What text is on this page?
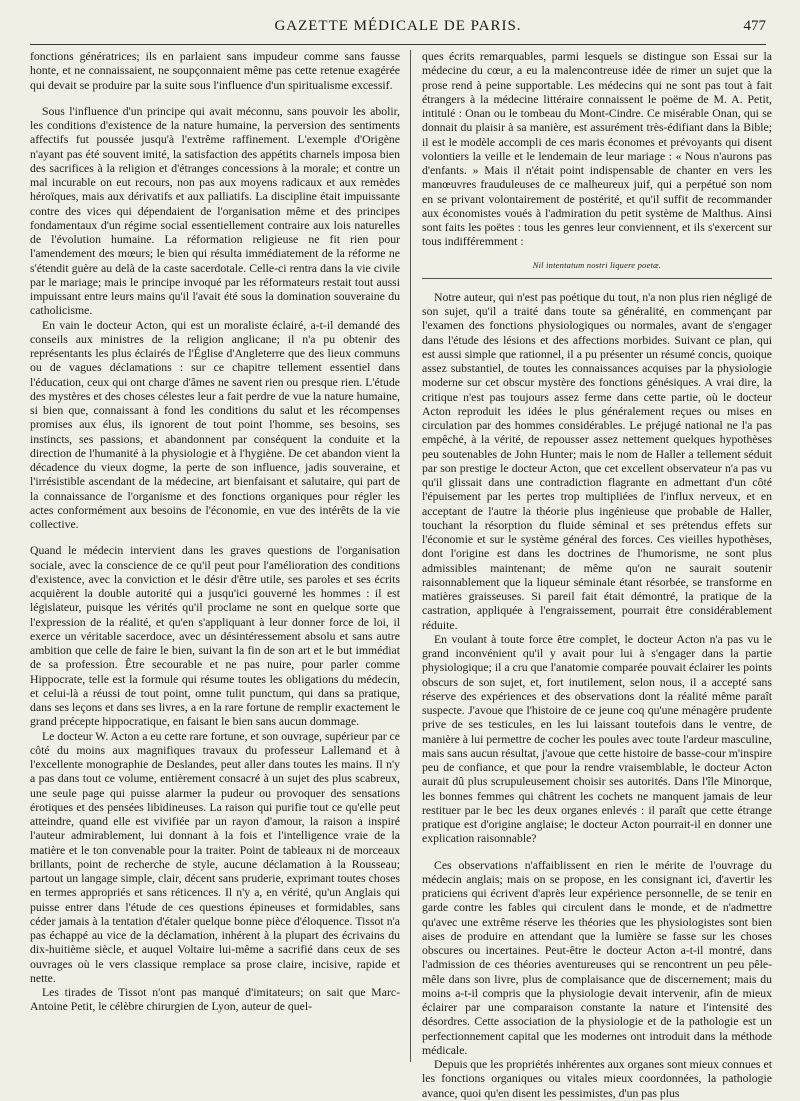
GAZETTE MÉDICALE DE PARIS.	477

fonctions génératrices; ils en parlaient sans impudeur comme sans fausse honte, et ne connaissaient, ne soupçonnaient même pas cette retenue exagérée qui devait se produire par la suite sous l'influence d'un spiritualisme excessif.

Sous l'influence d'un principe qui avait méconnu, sans pouvoir les abolir, les conditions d'existence de la nature humaine, la perversion des sentiments affectifs fut poussée jusqu'à l'extrême raffinement. L'exemple d'Origène n'ayant pas été souvent imité, la satisfaction des appétits charnels imposa bien des sacrifices à la religion et d'étranges concessions à la morale; et contre un mal incurable on eut recours, non pas aux moyens radicaux et aux remèdes héroïques, mais aux dérivatifs et aux palliatifs. La discipline était impuissante contre des vices qui dépendaient de l'organisation même et des principes fondamentaux d'un régime social essentiellement contraire aux lois naturelles de l'évolution humaine. La réformation religieuse ne fit rien pour l'amendement des mœurs; le bien qui résulta immédiatement de la réforme ne s'étendit guère au delà de la caste sacerdotale. Celle-ci rentra dans la vie civile par le mariage; mais le principe invoqué par les réformateurs restait tout aussi impuissant entre leurs mains qu'il l'avait été sous la domination souveraine du catholicisme.

En vain le docteur Acton, qui est un moraliste éclairé, a-t-il demandé des conseils aux ministres de la religion anglicane; il n'a pu obtenir des représentants les plus éclairés de l'Église d'Angleterre que des lieux communs ou de vagues déclamations : sur ce chapitre tellement essentiel dans l'éducation, ceux qui ont charge d'âmes ne savent rien ou presque rien. L'étude des mystères et des choses célestes leur a fait perdre de vue la nature humaine, si bien que, connaissant à fond les conditions du salut et les récompenses promises aux élus, ils ignorent de tout point l'homme, ses besoins, ses instincts, ses passions, et abandonnent par conséquent la conduite et la direction de l'humanité à la physiologie et à l'hygiène. De cet abandon vient la décadence du vieux dogme, la perte de son influence, jadis souveraine, et l'irrésistible ascendant de la médecine, art bienfaisant et salutaire, qui part de la connaissance de l'organisme et des fonctions organiques pour régler les actes conformément aux besoins de l'économie, en vue des intérêts de la vie collective.

Quand le médecin intervient dans les graves questions de l'organisation sociale, avec la conscience de ce qu'il peut pour l'amélioration des conditions d'existence, avec la conviction et le désir d'être utile, ses paroles et ses écrits acquièrent la double autorité qui a jusqu'ici gouverné les hommes : il est législateur, puisque les vérités qu'il proclame ne sont en quelque sorte que l'expression de la réalité, et qu'en s'appliquant à leur donner force de loi, il exerce un véritable sacerdoce, avec un désintéressement absolu et sans autre ambition que celle de faire le bien, suivant la fin de son art et le but immédiat de sa profession. Être secourable et ne pas nuire, pour parler comme Hippocrate, telle est la formule qui résume toutes les obligations du médecin, et celui-là a réussi de tout point, omne tulit punctum, qui dans sa pratique, dans ses leçons et dans ses livres, a en la rare fortune de remplir exactement le grand précepte hippocratique, en faisant le bien sans aucun dommage.

Le docteur W. Acton a eu cette rare fortune, et son ouvrage, supérieur par ce côté du moins aux magnifiques travaux du professeur Lallemand et à l'excellente monographie de Deslandes, peut aller dans toutes les mains. Il n'y a pas dans tout ce volume, entièrement consacré à un sujet des plus scabreux, une seule page qui puisse alarmer la pudeur ou provoquer des sensations érotiques et des pensées libidineuses. La raison qui purifie tout ce qu'elle peut atteindre, quand elle est vivifiée par un rayon d'amour, la raison a inspiré l'auteur admirablement, lui donnant à la fois et l'intelligence vraie de la matière et le ton convenable pour la traiter. Point de tableaux ni de morceaux brillants, point de recherche de style, aucune déclamation à la Rousseau; partout un langage simple, clair, décent sans pruderie, exprimant toutes choses en termes appropriés et sans réticences. Il n'y a, en vérité, qu'un Anglais qui puisse entrer dans l'étude de ces questions épineuses et formidables, sans céder jamais à la tentation d'étaler quelque bonne pièce d'éloquence. Tissot n'a pas échappé au vice de la déclamation, inhérent à la plupart des écrivains du dix-huitième siècle, et auquel Voltaire lui-même a sacrifié dans ceux de ses ouvrages où le vers classique remplace sa prose claire, incisive, rapide et nette.

Les tirades de Tissot n'ont pas manqué d'imitateurs; on sait que Marc-Antoine Petit, le célèbre chirurgien de Lyon, auteur de quel-

ques écrits remarquables, parmi lesquels se distingue son Essai sur la médecine du cœur, a eu la malencontreuse idée de rimer un sujet que la prose rend à peine supportable. Les médecins qui ne sont pas tout à fait étrangers à la médecine littéraire connaissent le poëme de M. A. Petit, intitulé : Onan ou le tombeau du Mont-Cindre. Ce misérable Onan, qui se donnait du plaisir à sa manière, est assurément très-édifiant dans la Bible; il est le modèle accompli de ces maris économes et prévoyants qui disent volontiers la veille et le lendemain de leur mariage : « Nous n'aurons pas d'enfants. » Mais il n'était point indispensable de chanter en vers les manœuvres frauduleuses de ce malheureux juif, qui a perpétué son nom en se privant volontairement de postérité, et qu'il suffit de recommander aux économistes voués à l'admiration du petit système de Malthus. Ainsi sont faits les poëtes : tous les genres leur conviennent, et ils s'exercent sur tous indifféremment :

Nil intentatum nostri liquere poetæ.

Notre auteur, qui n'est pas poétique du tout, n'a non plus rien négligé de son sujet, qu'il a traité dans toute sa généralité, en commençant par l'examen des fonctions physiologiques ou normales, avant de s'engager dans l'étude des lésions et des affections morbides. Suivant ce plan, qui est aussi simple que rationnel, il a pu présenter un résumé concis, quoique assez substantiel, de toutes les connaissances acquises par la physiologie moderne sur cet obscur mystère des fonctions génésiques. A vrai dire, la critique n'est pas toujours assez ferme dans cette partie, où le docteur Acton reproduit les idées le plus généralement reçues ou mises en circulation par des hommes considérables. Le préjugé national ne l'a pas empêché, à la vérité, de repousser assez nettement quelques hypothèses peu soutenables de John Hunter; mais le nom de Haller a tellement séduit par son prestige le docteur Acton, que cet excellent observateur n'a pas vu qu'il glissait dans une contradiction flagrante en admettant d'un côté l'épuisement par les pertes trop multipliées de l'influx nerveux, et en acceptant de l'autre la théorie plus ingénieuse que probable de Haller, touchant la résorption du fluide séminal et ses prétendus effets sur l'économie et sur le système général des forces. Ces vieilles hypothèses, dont l'origine est dans les doctrines de l'humorisme, ne sont plus admissibles maintenant; de même qu'on ne saurait soutenir raisonnablement que la liqueur séminale étant résorbée, se transforme en matières graisseuses. Si pareil fait était démontré, la pratique de la castration, appliquée à l'engraissement, pourrait être considérablement réduite.

En voulant à toute force être complet, le docteur Acton n'a pas vu le grand inconvénient qu'il y avait pour lui à s'engager dans la partie physiologique; il a cru que l'anatomie comparée pouvait éclairer les points obscurs de son sujet, et, fort inutilement, selon nous, il a accepté sans réserve des expériences et des observations dont la réalité même paraît suspecte. J'avoue que l'histoire de ce jeune coq qu'une ménagère prudente prive de ses testicules, en les lui laissant toutefois dans le ventre, de manière à lui permettre de cocher les poules avec toute l'ardeur masculine, mais sans aucun résultat, j'avoue que cette histoire de basse-cour m'inspire peu de confiance, et que pour la rendre vraisemblable, le docteur Acton aurait dû plus scrupuleusement choisir ses autorités. Dans l'île Minorque, les bonnes femmes qui châtrent les cochets ne manquent jamais de leur restituer par le bec les deux organes enlevés : il paraît que cette étrange pratique est d'origine anglaise; le docteur Acton pourrait-il en donner une explication raisonnable?

Ces observations n'affaiblissent en rien le mérite de l'ouvrage du médecin anglais; mais on se propose, en les consignant ici, d'avertir les praticiens qui écrivent d'après leur expérience personnelle, de se tenir en garde contre les fables qui circulent dans le monde, et de n'admettre qu'avec une extrême réserve les théories que les physiologistes sont bien aises de produire en attendant que la lumière se fasse sur les choses obscures ou incertaines. Peut-être le docteur Acton a-t-il montré, dans l'admission de ces théories aventureuses qui se rencontrent un peu pêle-mêle dans son livre, plus de complaisance que de discernement; mais du moins a-t-il compris que la physiologie devait intervenir, afin de mieux éclairer par une comparaison constante la nature et l'intensité des désordres. Cette association de la physiologie et de la pathologie est un perfectionnement capital que les modernes ont introduit dans la méthode médicale.

Depuis que les propriétés inhérentes aux organes sont mieux connues et les fonctions organiques ou vitales mieux coordonnées, la pathologie avance, quoi qu'en disent les pessimistes, d'un pas plus
